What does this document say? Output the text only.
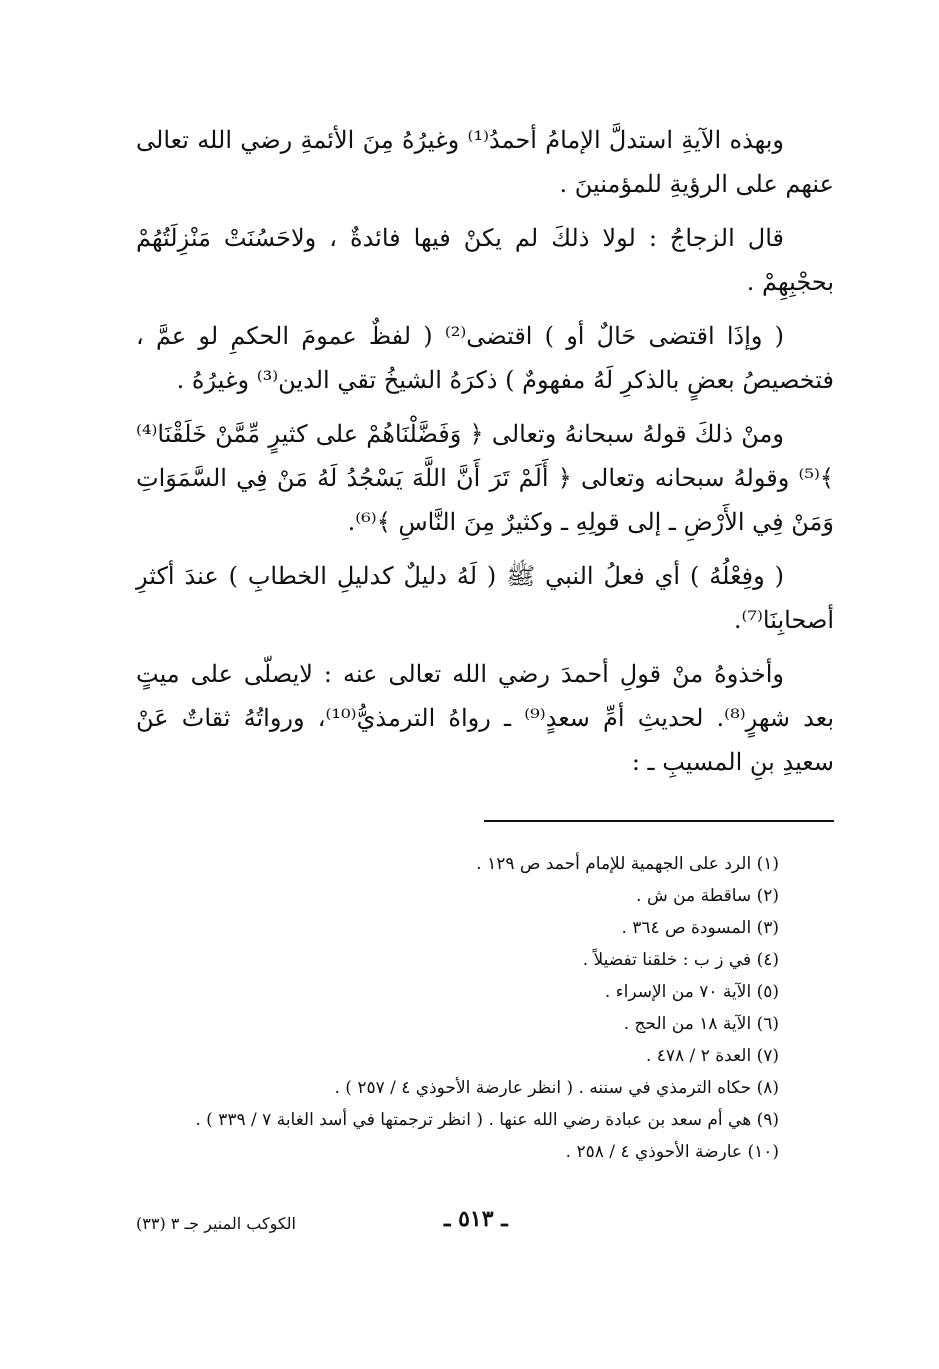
وبهذه الآيةِ استدلَّ الإمامُ أحمدُ⁽¹⁾ وغيرُهُ مِنَ الأئمةِ رضي الله تعالى عنهم على الرؤيةِ للمؤمنينَ .

قال الزجاجُ : لولا ذلكَ لم يكنْ فيها فائدةٌ ، ولاحَسُنَتْ مَنْزِلَتُهُمْ بحجْبِهِمْ .

( وإذَا اقتضى حَالٌ أو ) اقتضى⁽²⁾ ( لفظٌ عمومَ الحكمِ لو عمَّ ، فتخصيصُ بعضٍ بالذكرِ لَهُ مفهومٌ ) ذكرَهُ الشيخُ تقي الدين⁽³⁾ وغيرُهُ .

ومنْ ذلكَ قولهُ سبحانهُ وتعالى ﴿ وَفَضَّلْنَاهُمْ على كثيرٍ مِّمَّنْ خَلَقْنَا⁽⁴⁾ ﴾⁽⁵⁾ وقولهُ سبحانه وتعالى ﴿ أَلَمْ تَرَ أَنَّ اللَّهَ يَسْجُدُ لَهُ مَنْ فِي السَّمَوَاتِ وَمَنْ فِي الأَرْضِ ـ إلى قولِهِ ـ وكثيرٌ مِنَ النَّاسِ ﴾⁽⁶⁾.

( وفِعْلُهُ ) أي فعلُ النبي ﷺ ( لَهُ دليلٌ كدليلِ الخطابِ ) عندَ أكثرِ أصحابِنَا⁽⁷⁾.

وأخذوهُ منْ قولِ أحمدَ رضي الله تعالى عنه : لايصلّى على ميتٍ بعد شهرٍ⁽⁸⁾. لحديثِ أمِّ سعدٍ⁽⁹⁾ ـ رواهُ الترمذيُّ⁽¹⁰⁾، ورواتُهُ ثقاتٌ عَنْ سعيدِ بنِ المسيبِ ـ :

(١) الرد على الجهمية للإمام أحمد ص ١٢٩ .
(٢) ساقطة من ش .
(٣) المسودة ص ٣٦٤ .
(٤) في ز ب : خلقنا تفضيلاً .
(٥) الآية ٧٠ من الإسراء .
(٦) الآية ١٨ من الحج .
(٧) العدة ٢ / ٤٧٨ .
(٨) حكاه الترمذي في سننه . ( انظر عارضة الأحوذي ٤ / ٢٥٧ ) .
(٩) هي أم سعد بن عبادة رضي الله عنها . ( انظر ترجمتها في أسد الغابة ٧ / ٣٣٩ ) .
(١٠) عارضة الأحوذي ٤ / ٢٥٨ .
ـ ٥١٣ ـ
الكوكب المنير جـ ٣ (٣٣)
